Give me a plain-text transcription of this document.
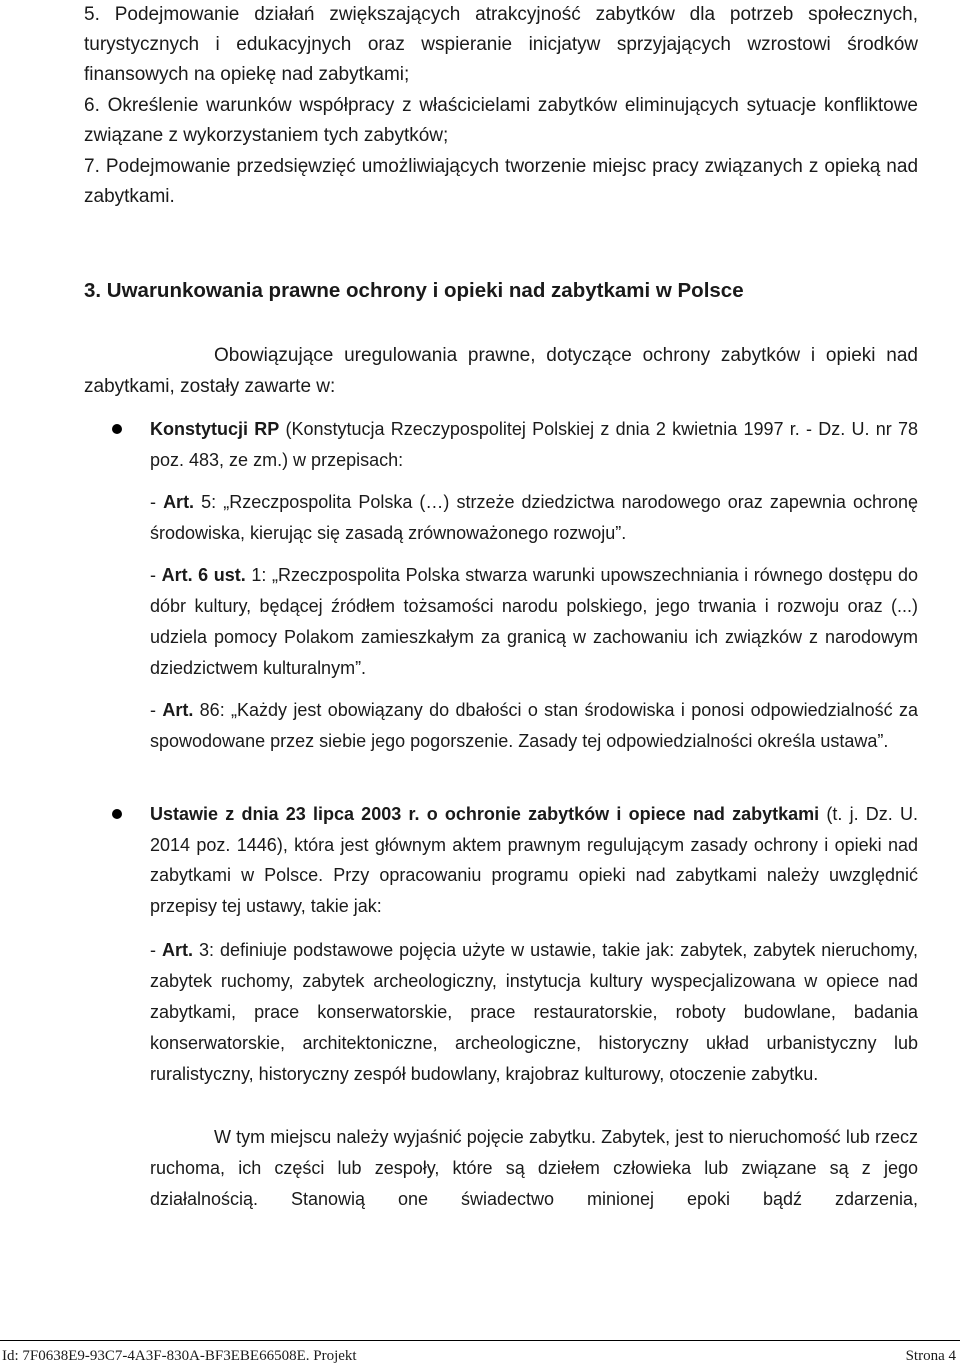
5. Podejmowanie działań zwiększających atrakcyjność zabytków dla potrzeb społecznych, turystycznych i edukacyjnych oraz wspieranie inicjatyw sprzyjających wzrostowi środków finansowych na opiekę nad zabytkami;
6. Określenie warunków współpracy z właścicielami zabytków eliminujących sytuacje konfliktowe związane z wykorzystaniem tych zabytków;
7. Podejmowanie przedsięwzięć umożliwiających tworzenie miejsc pracy związanych z opieką nad zabytkami.
3. Uwarunkowania prawne ochrony i opieki nad zabytkami w Polsce
Obowiązujące uregulowania prawne, dotyczące ochrony zabytków i opieki nad zabytkami, zostały zawarte w:
Konstytucji RP (Konstytucja Rzeczypospolitej Polskiej z dnia 2 kwietnia 1997 r. - Dz. U. nr 78 poz. 483, ze zm.) w przepisach:
- Art. 5: „Rzeczpospolita Polska (…) strzeże dziedzictwa narodowego oraz zapewnia ochronę środowiska, kierując się zasadą zrównoważonego rozwoju”.
- Art. 6 ust. 1: „Rzeczpospolita Polska stwarza warunki upowszechniania i równego dostępu do dóbr kultury, będącej źródłem tożsamości narodu polskiego, jego trwania i rozwoju oraz (...) udziela pomocy Polakom zamieszkałym za granicą w zachowaniu ich związków z narodowym dziedzictwem kulturalnym”.
- Art. 86: „Każdy jest obowiązany do dbałości o stan środowiska i ponosi odpowiedzialność za spowodowane przez siebie jego pogorszenie. Zasady tej odpowiedzialności określa ustawa”.
Ustawie z dnia 23 lipca 2003 r. o ochronie zabytków i opiece nad zabytkami (t. j. Dz. U. 2014 poz. 1446), która jest głównym aktem prawnym regulującym zasady ochrony i opieki nad zabytkami w Polsce. Przy opracowaniu programu opieki nad zabytkami należy uwzględnić przepisy tej ustawy, takie jak:
- Art. 3: definiuje podstawowe pojęcia użyte w ustawie, takie jak: zabytek, zabytek nieruchomy, zabytek ruchomy, zabytek archeologiczny, instytucja kultury wyspecjalizowana w opiece nad zabytkami, prace konserwatorskie, prace restauratorskie, roboty budowlane, badania konserwatorskie, architektoniczne, archeologiczne, historyczny układ urbanistyczny lub ruralistyczny, historyczny zespół budowlany, krajobraz kulturowy, otoczenie zabytku.
W tym miejscu należy wyjaśnić pojęcie zabytku. Zabytek, jest to nieruchomość lub rzecz ruchoma, ich części lub zespoły, które są dziełem człowieka lub związane są z jego działalnością. Stanowią one świadectwo minionej epoki bądź zdarzenia,
Id: 7F0638E9-93C7-4A3F-830A-BF3EBE66508E. Projekt	Strona 4
